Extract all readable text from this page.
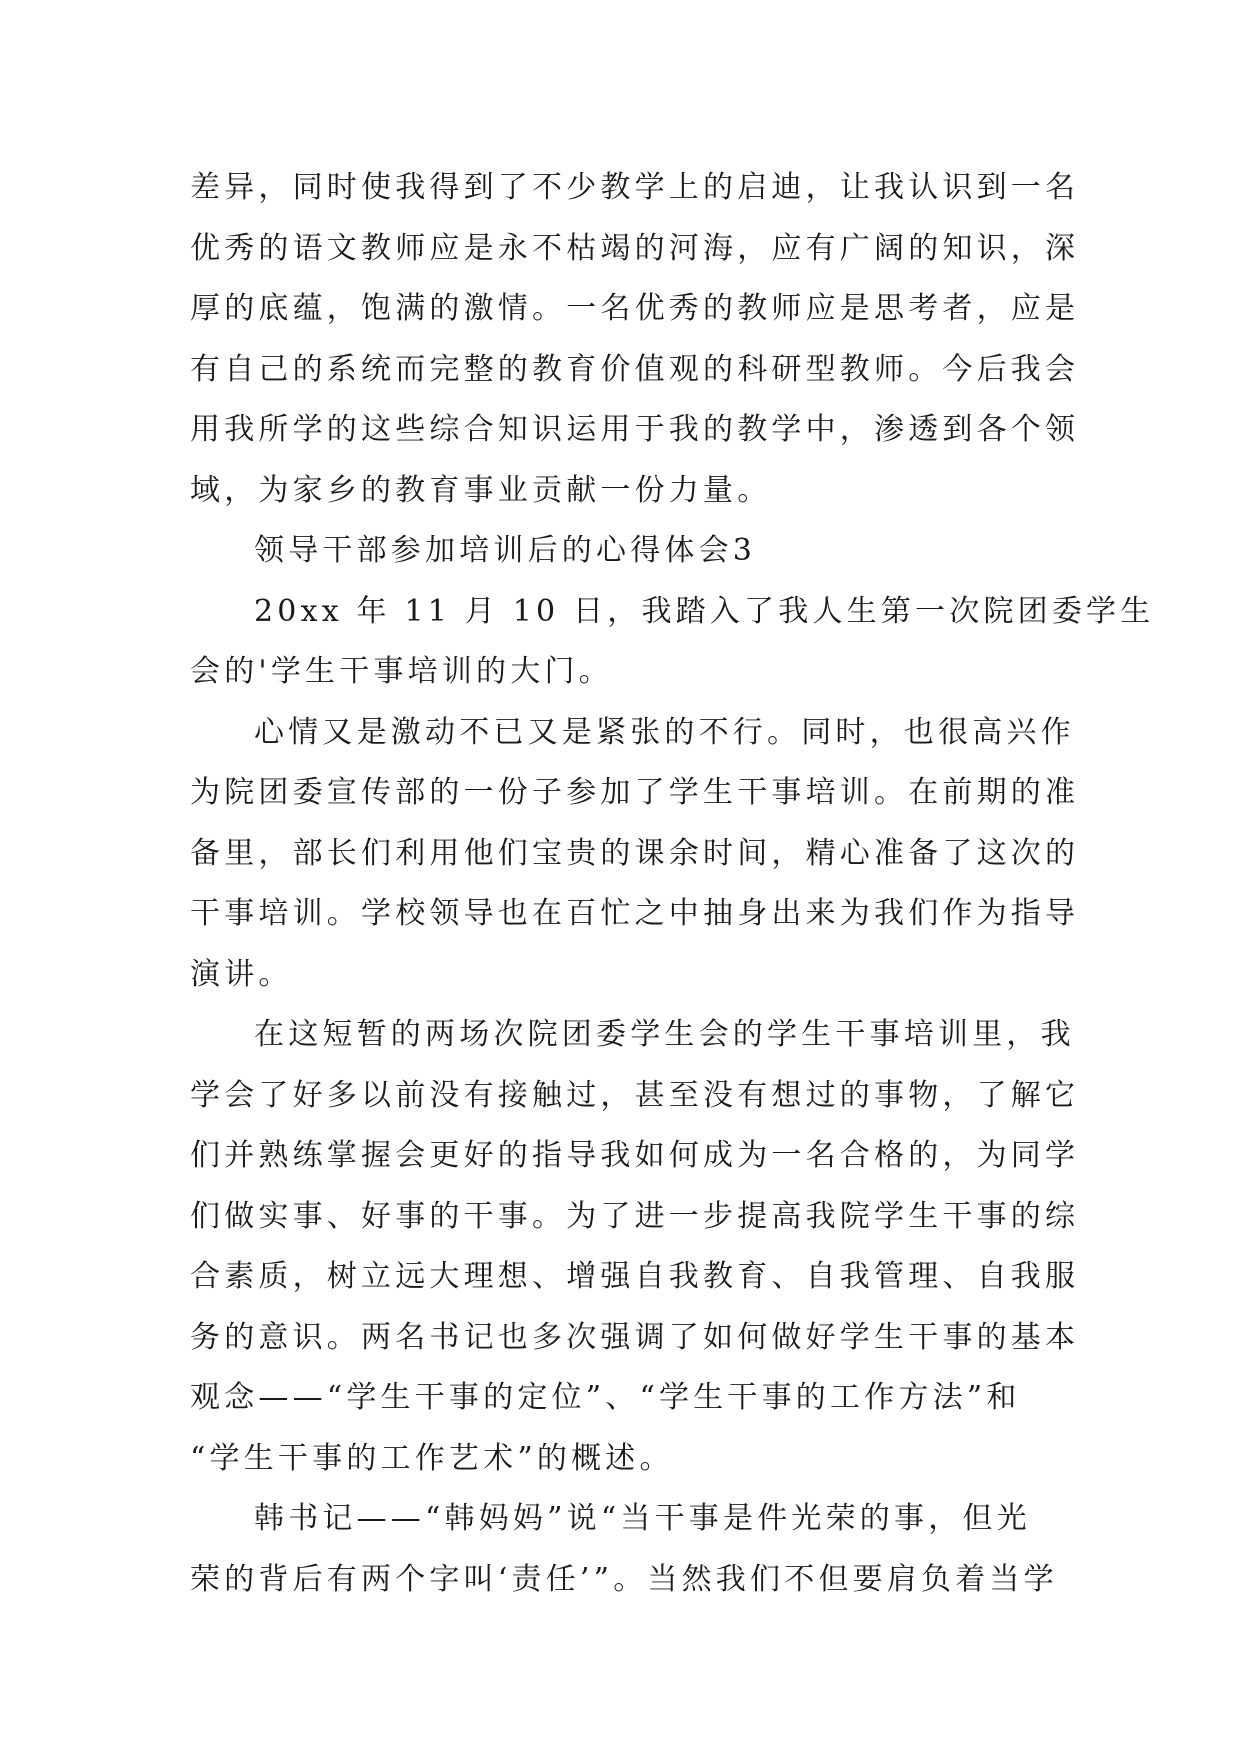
差异，同时使我得到了不少教学上的启迪，让我认识到一名
优秀的语文教师应是永不枯竭的河海，应有广阔的知识，深
厚的底蕴，饱满的激情。一名优秀的教师应是思考者，应是
有自己的系统而完整的教育价值观的科研型教师。今后我会
用我所学的这些综合知识运用于我的教学中，渗透到各个领
域，为家乡的教育事业贡献一份力量。
领导干部参加培训后的心得体会3
20xx 年 11 月 10 日，我踏入了我人生第一次院团委学生
会的'学生干事培训的大门。
心情又是激动不已又是紧张的不行。同时，也很高兴作
为院团委宣传部的一份子参加了学生干事培训。在前期的准
备里，部长们利用他们宝贵的课余时间，精心准备了这次的
干事培训。学校领导也在百忙之中抽身出来为我们作为指导
演讲。
在这短暂的两场次院团委学生会的学生干事培训里，我
学会了好多以前没有接触过，甚至没有想过的事物，了解它
们并熟练掌握会更好的指导我如何成为一名合格的，为同学
们做实事、好事的干事。为了进一步提高我院学生干事的综
合素质，树立远大理想、增强自我教育、自我管理、自我服
务的意识。两名书记也多次强调了如何做好学生干事的基本
观念——“学生干事的定位”、“学生干事的工作方法”和
“学生干事的工作艺术”的概述。
韩书记——“韩妈妈”说“当干事是件光荣的事，但光
荣的背后有两个字叫‘责任’”。当然我们不但要肩负着当学
